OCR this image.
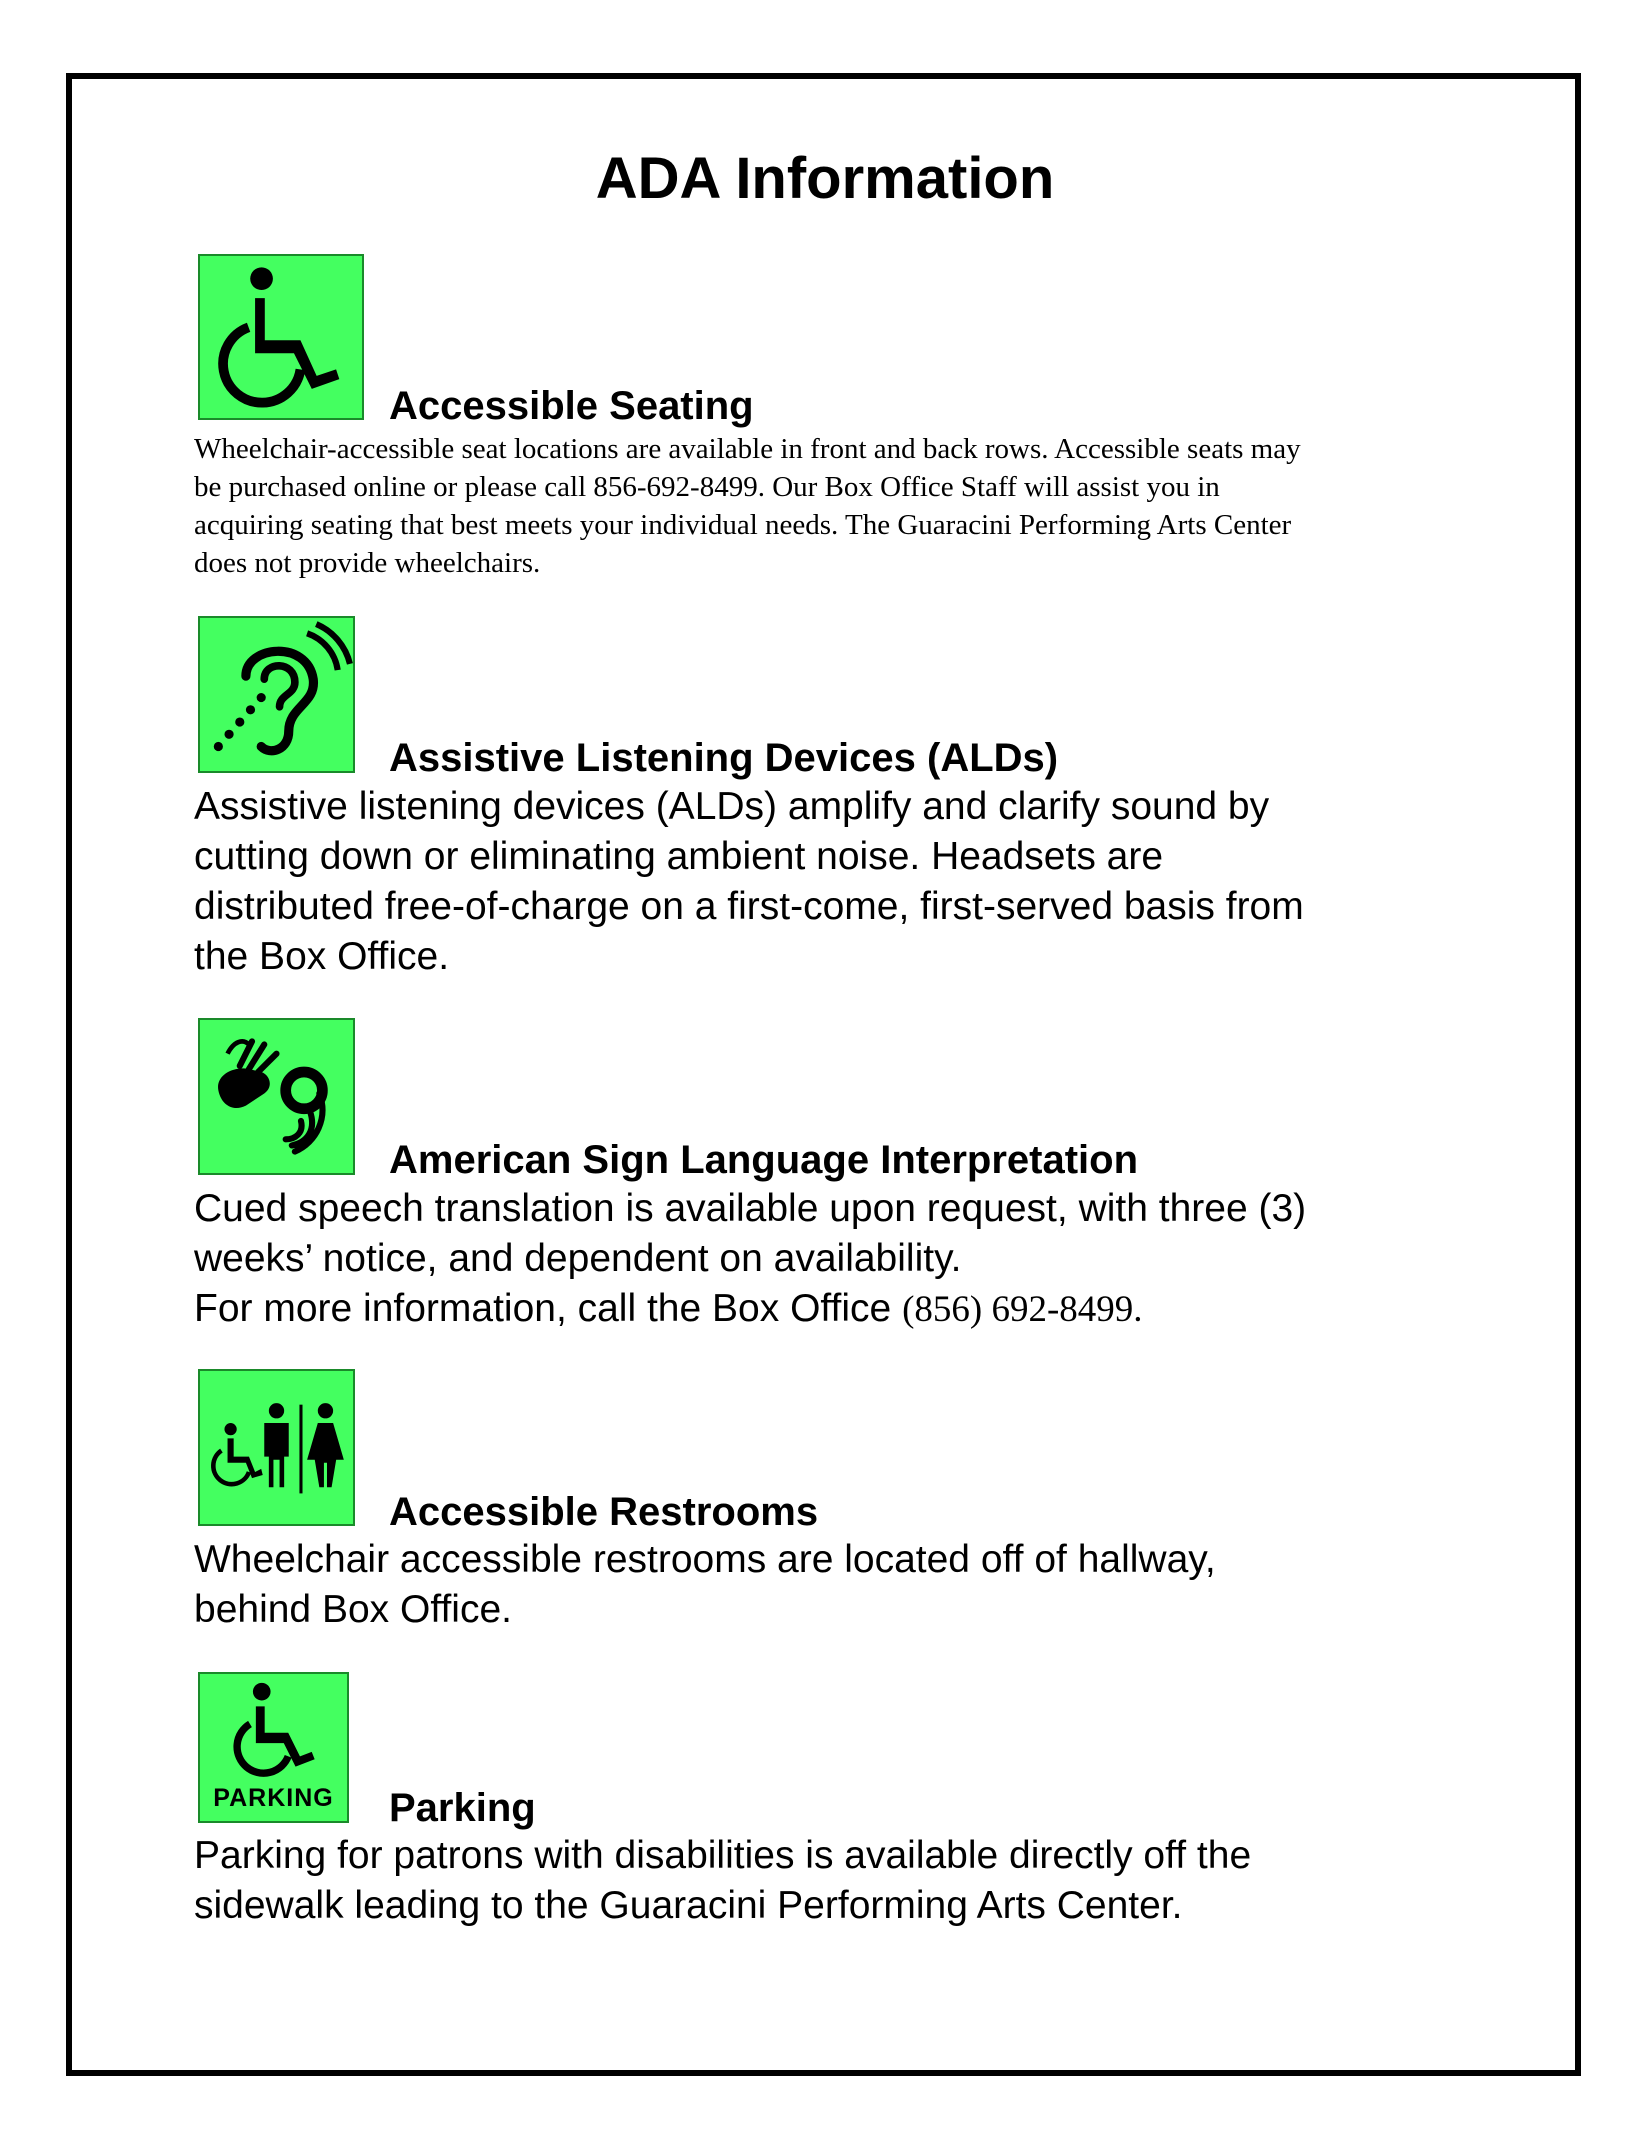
ADA Information
Accessible Seating

Wheelchair-accessible seat locations are available in front and back rows. Accessible seats may
be purchased online or please call 856-692-8499. Our Box Office Staff will assist you in
acquiring seating that best meets your individual needs. The Guaracini Performing Arts Center
does not provide wheelchairs.

Assistive Listening Devices (ALDs)

Assistive listening devices (ALDs) amplify and clarify sound by
cutting down or eliminating ambient noise. Headsets are
distributed free-of-charge on a first-come, first-served basis from
the Box Office.

American Sign Language Interpretation

Cued speech translation is available upon request, with three (3)
weeks’ notice, and dependent on availability.
For more information, call the Box Office (856) 692-8499.

Accessible Restrooms

Wheelchair accessible restrooms are located off of hallway,
behind Box Office.

PARKING	Parking

Parking for patrons with disabilities is available directly off the
sidewalk leading to the Guaracini Performing Arts Center.
